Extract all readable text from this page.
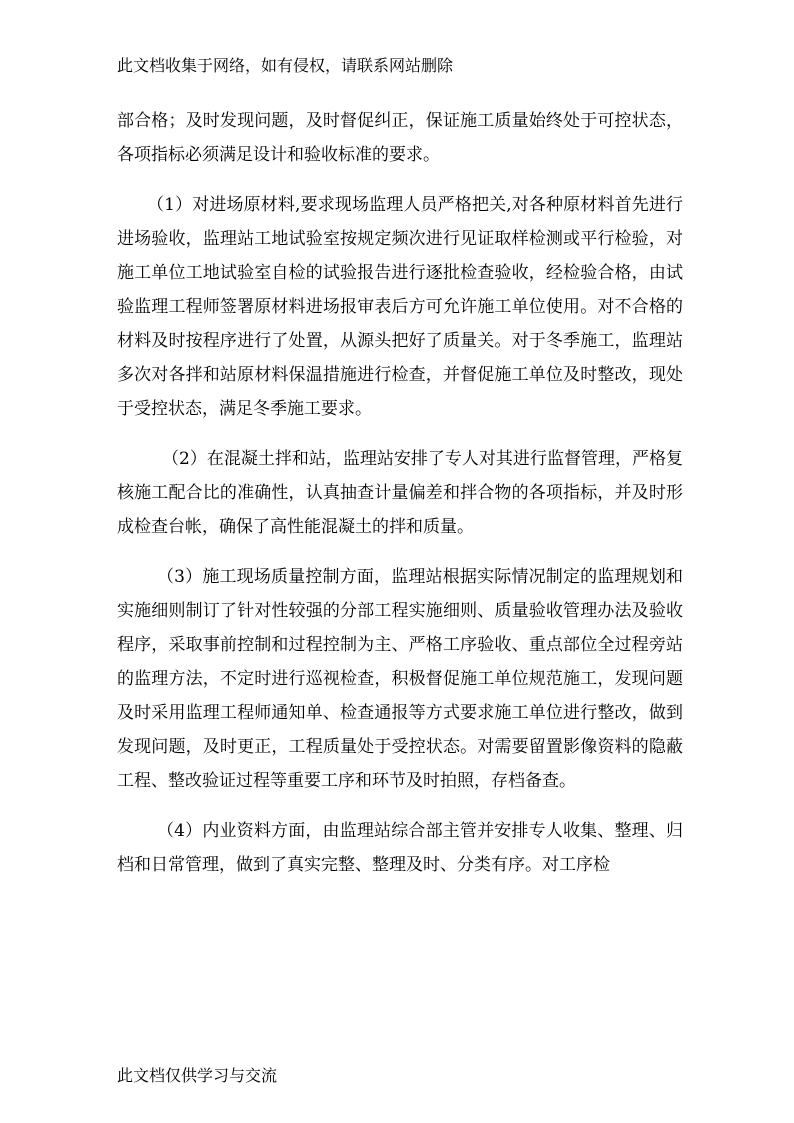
此文档收集于网络，如有侵权，请联系网站删除

部合格；及时发现问题，及时督促纠正，保证施工质量始终处于可控状态，各项指标必须满足设计和验收标准的要求。

（1）对进场原材料,要求现场监理人员严格把关,对各种原材料首先进行进场验收，监理站工地试验室按规定频次进行见证取样检测或平行检验，对施工单位工地试验室自检的试验报告进行逐批检查验收，经检验合格，由试验监理工程师签署原材料进场报审表后方可允许施工单位使用。对不合格的材料及时按程序进行了处置，从源头把好了质量关。对于冬季施工，监理站多次对各拌和站原材料保温措施进行检查，并督促施工单位及时整改，现处于受控状态，满足冬季施工要求。

（2）在混凝土拌和站，监理站安排了专人对其进行监督管理，严格复核施工配合比的准确性，认真抽查计量偏差和拌合物的各项指标，并及时形成检查台帐，确保了高性能混凝土的拌和质量。

（3）施工现场质量控制方面，监理站根据实际情况制定的监理规划和实施细则制订了针对性较强的分部工程实施细则、质量验收管理办法及验收程序，采取事前控制和过程控制为主、严格工序验收、重点部位全过程旁站的监理方法，不定时进行巡视检查，积极督促施工单位规范施工，发现问题及时采用监理工程师通知单、检查通报等方式要求施工单位进行整改，做到发现问题，及时更正，工程质量处于受控状态。对需要留置影像资料的隐蔽工程、整改验证过程等重要工序和环节及时拍照，存档备查。

（4）内业资料方面，由监理站综合部主管并安排专人收集、整理、归档和日常管理，做到了真实完整、整理及时、分类有序。对工序检

此文档仅供学习与交流
